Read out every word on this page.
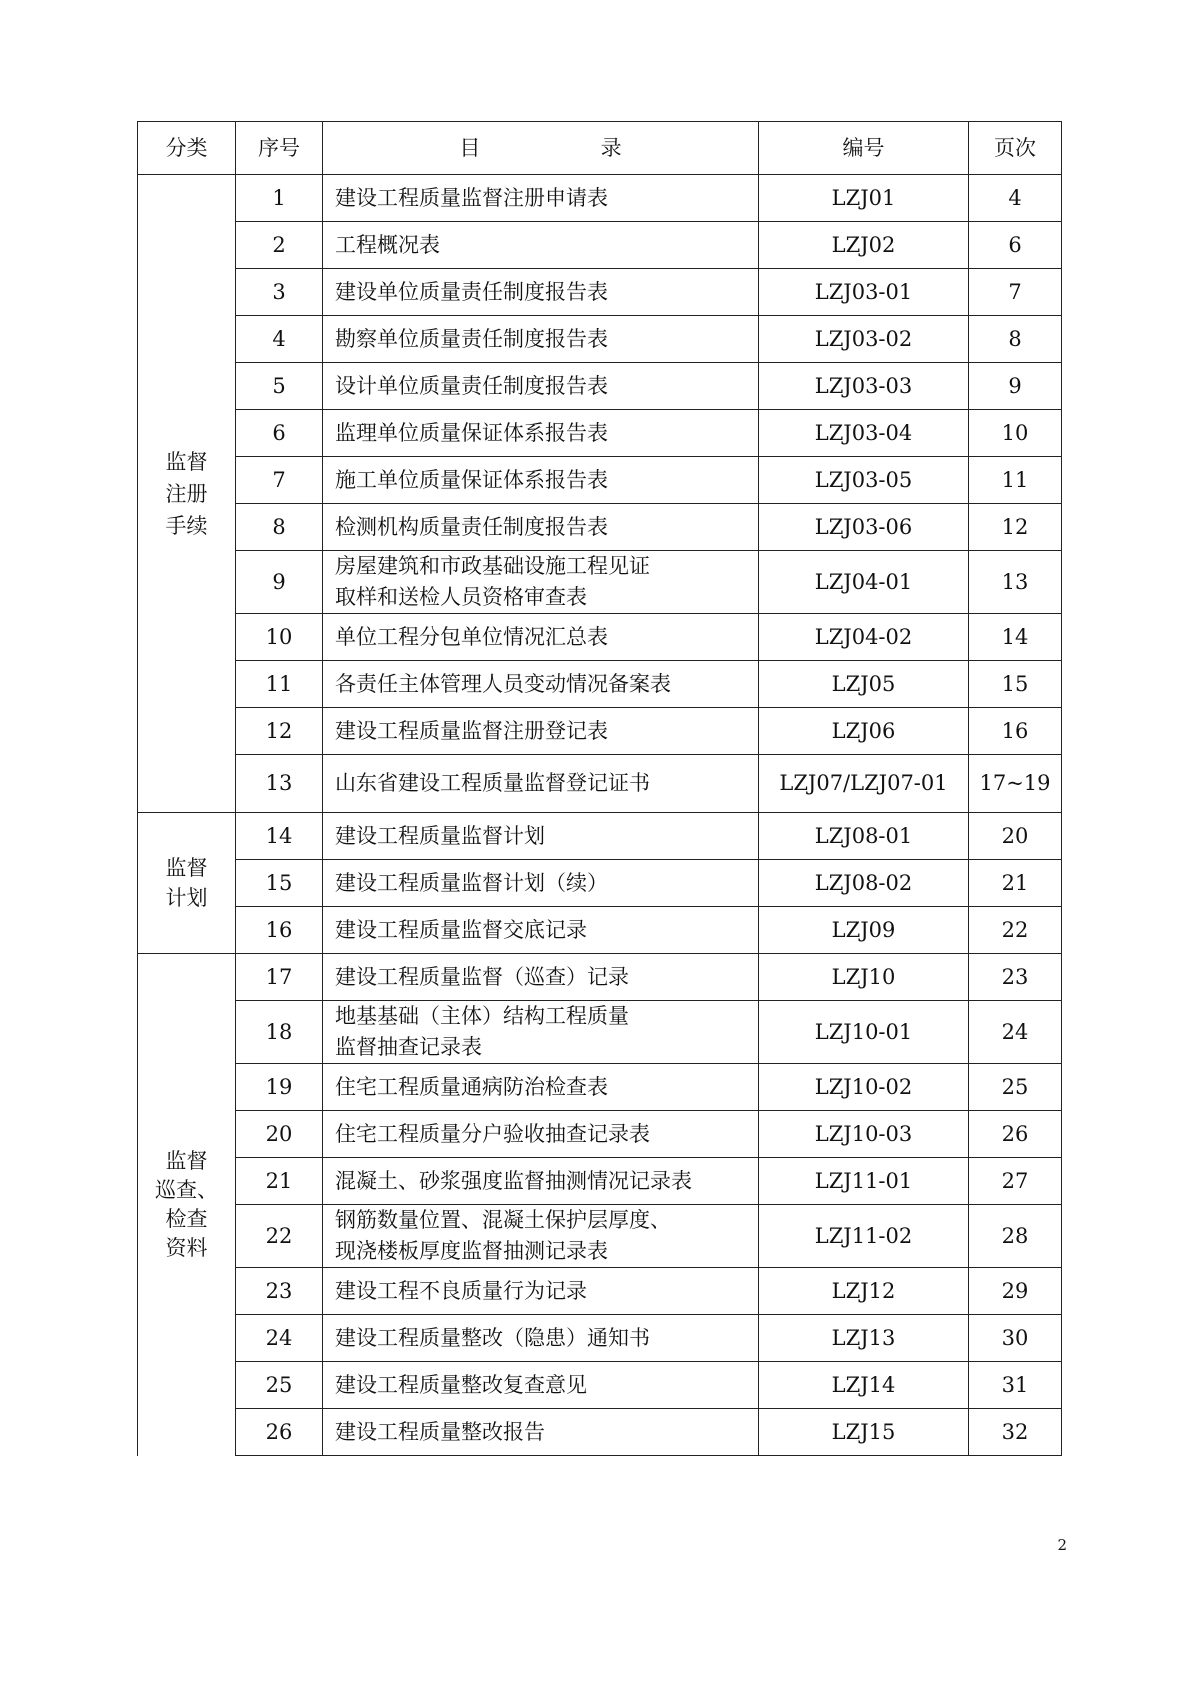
分类	序号	目                  录	编号	页次

监督
注册
手续	1	建设工程质量监督注册申请表	LZJ01	4
	2	工程概况表	LZJ02	6
	3	建设单位质量责任制度报告表	LZJ03-01	7
	4	勘察单位质量责任制度报告表	LZJ03-02	8
	5	设计单位质量责任制度报告表	LZJ03-03	9
	6	监理单位质量保证体系报告表	LZJ03-04	10
	7	施工单位质量保证体系报告表	LZJ03-05	11
	8	检测机构质量责任制度报告表	LZJ03-06	12
	9	房屋建筑和市政基础设施工程见证
取样和送检人员资格审查表	LZJ04-01	13
	10	单位工程分包单位情况汇总表	LZJ04-02	14
	11	各责任主体管理人员变动情况备案表	LZJ05	15
	12	建设工程质量监督注册登记表	LZJ06	16
	13	山东省建设工程质量监督登记证书	LZJ07/LZJ07-01	17~19

监督
计划	14	建设工程质量监督计划	LZJ08-01	20
	15	建设工程质量监督计划（续）	LZJ08-02	21
	16	建设工程质量监督交底记录	LZJ09	22

监督
巡查、
检查
资料	17	建设工程质量监督（巡查）记录	LZJ10	23
	18	地基基础（主体）结构工程质量
监督抽查记录表	LZJ10-01	24
	19	住宅工程质量通病防治检查表	LZJ10-02	25
	20	住宅工程质量分户验收抽查记录表	LZJ10-03	26
	21	混凝土、砂浆强度监督抽测情况记录表	LZJ11-01	27
	22	钢筋数量位置、混凝土保护层厚度、
现浇楼板厚度监督抽测记录表	LZJ11-02	28
	23	建设工程不良质量行为记录	LZJ12	29
	24	建设工程质量整改（隐患）通知书	LZJ13	30
	25	建设工程质量整改复查意见	LZJ14	31
	26	建设工程质量整改报告	LZJ15	32
2
